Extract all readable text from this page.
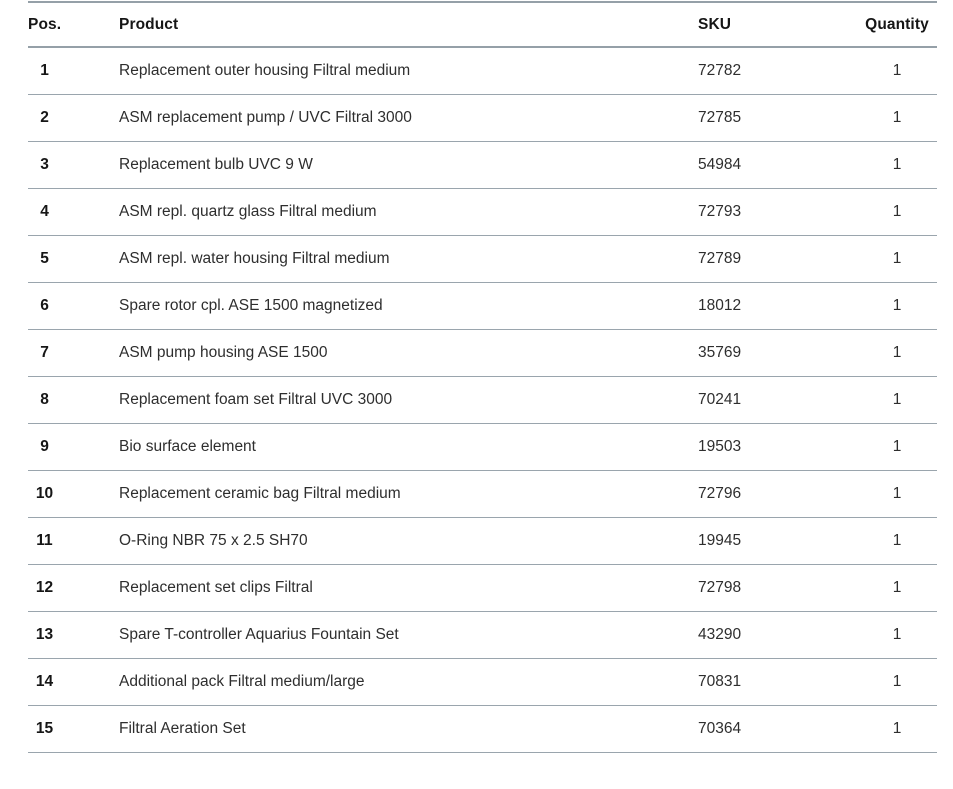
Pos.	Product	SKU	Quantity
1	Replacement outer housing Filtral medium	72782	1
2	ASM replacement pump / UVC Filtral 3000	72785	1
3	Replacement bulb UVC 9 W	54984	1
4	ASM repl. quartz glass Filtral medium	72793	1
5	ASM repl. water housing Filtral medium	72789	1
6	Spare rotor cpl. ASE 1500 magnetized	18012	1
7	ASM pump housing ASE 1500	35769	1
8	Replacement foam set Filtral UVC 3000	70241	1
9	Bio surface element	19503	1
10	Replacement ceramic bag Filtral medium	72796	1
11	O-Ring NBR 75 x 2.5 SH70	19945	1
12	Replacement set clips Filtral	72798	1
13	Spare T-controller Aquarius Fountain Set	43290	1
14	Additional pack Filtral medium/large	70831	1
15	Filtral Aeration Set	70364	1
